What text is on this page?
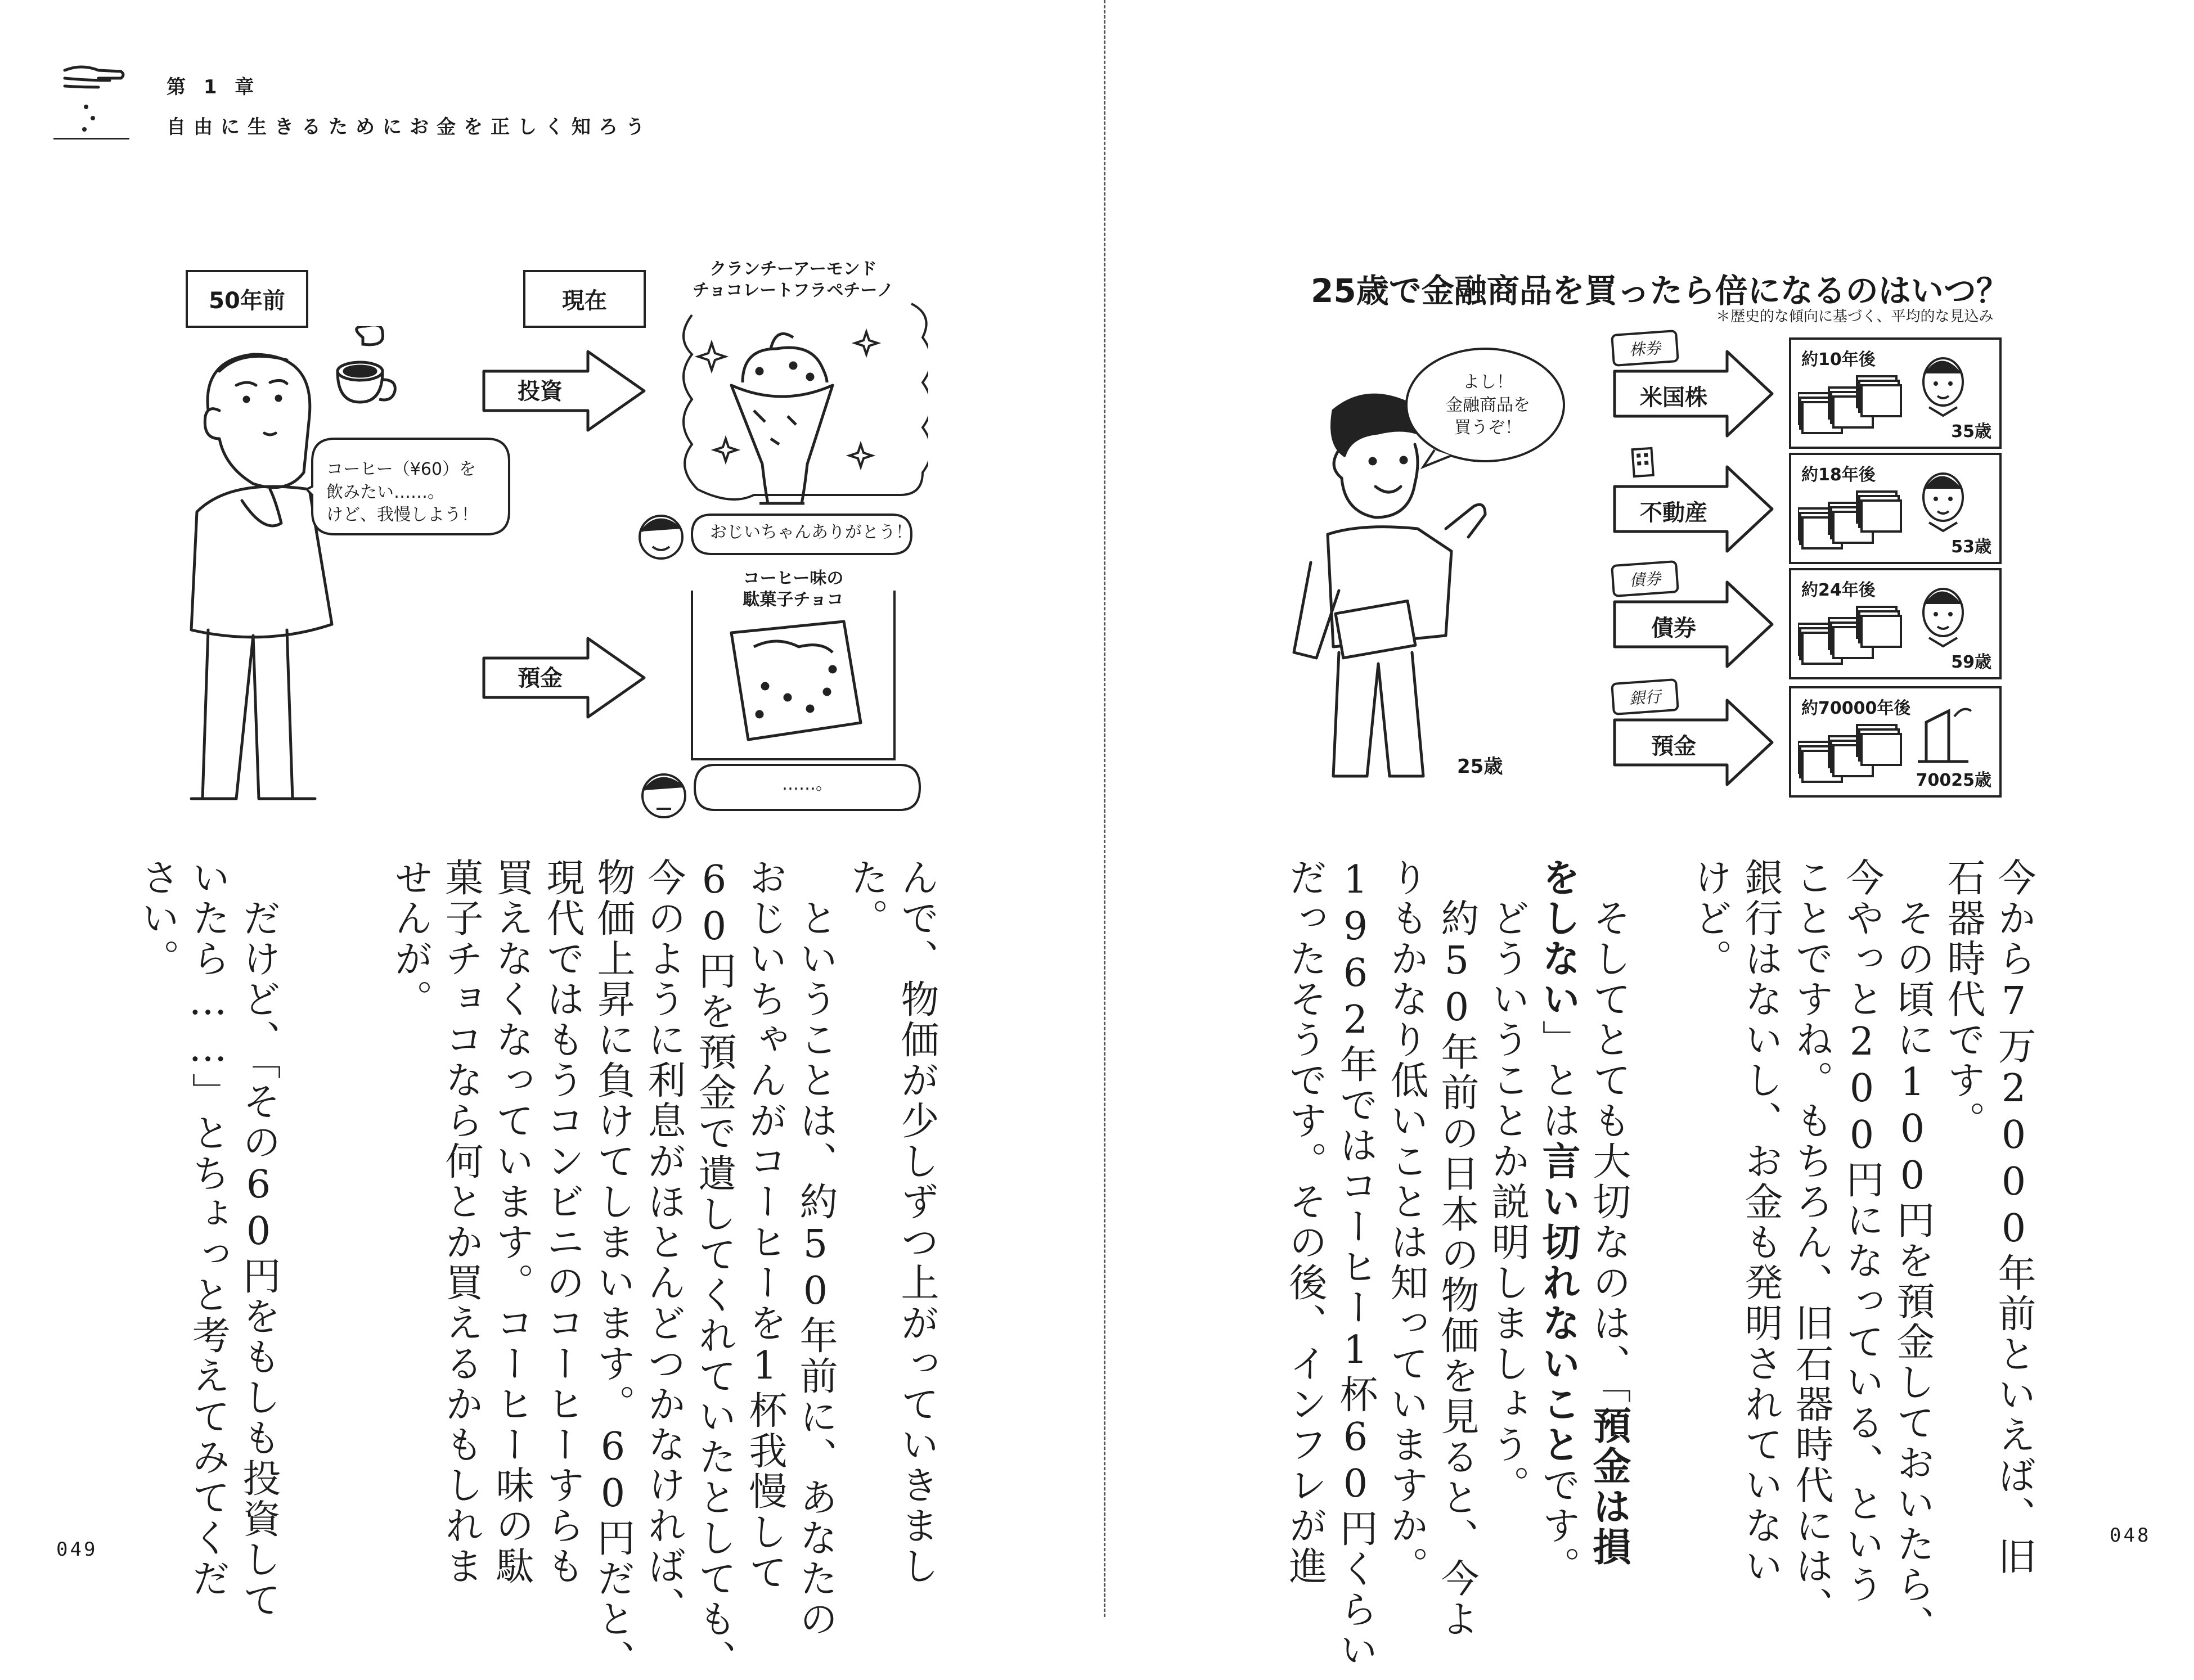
第 1 章
自由に生きるためにお金を正しく知ろう
50年前	現在
コーヒー（¥60）を
飲みたい……。
けど、我慢しよう！
投資
預金
クランチーアーモンド
チョコレートフラペチーノ
おじいちゃんありがとう！
コーヒー味の
駄菓子チョコ
……。
んで、物価が少しずつ上がっていきまし
た。
　ということは、約50年前に、あなたの
おじいちゃんがコーヒーを1杯我慢して
60円を預金で遺してくれていたとしても、
今のように利息がほとんどつかなければ、
物価上昇に負けてしまいます。60円だと、
現代ではもうコンビニのコーヒーすらも
買えなくなっています。コーヒー味の駄
菓子チョコなら何とか買えるかもしれま
せんが。
　だけど、「その60円をもしも投資して
いたら……」とちょっと考えてみてくだ
さい。
049
25歳で金融商品を買ったら倍になるのはいつ？
＊歴史的な傾向に基づく、平均的な見込み
よし！
金融商品を
買うぞ！
25歳
株券
米国株
約10年後
35歳
不動産
約18年後
53歳
債券
債券
約24年後
59歳
銀行
預金
約70000年後
70025歳
今から7万2000年前といえば、旧
石器時代です。
　その頃に100円を預金しておいたら、
今やっと200円になっている、という
ことですね。もちろん、旧石器時代には、
銀行はないし、お金も発明されていない
けど。
　そしてとても大切なのは、「預金は損
をしない」とは言い切れないことです。
　どういうことか説明しましょう。
　約50年前の日本の物価を見ると、今よ
りもかなり低いことは知っていますか。
1962年ではコーヒー1杯60円くらい
だったそうです。その後、インフレが進	048
